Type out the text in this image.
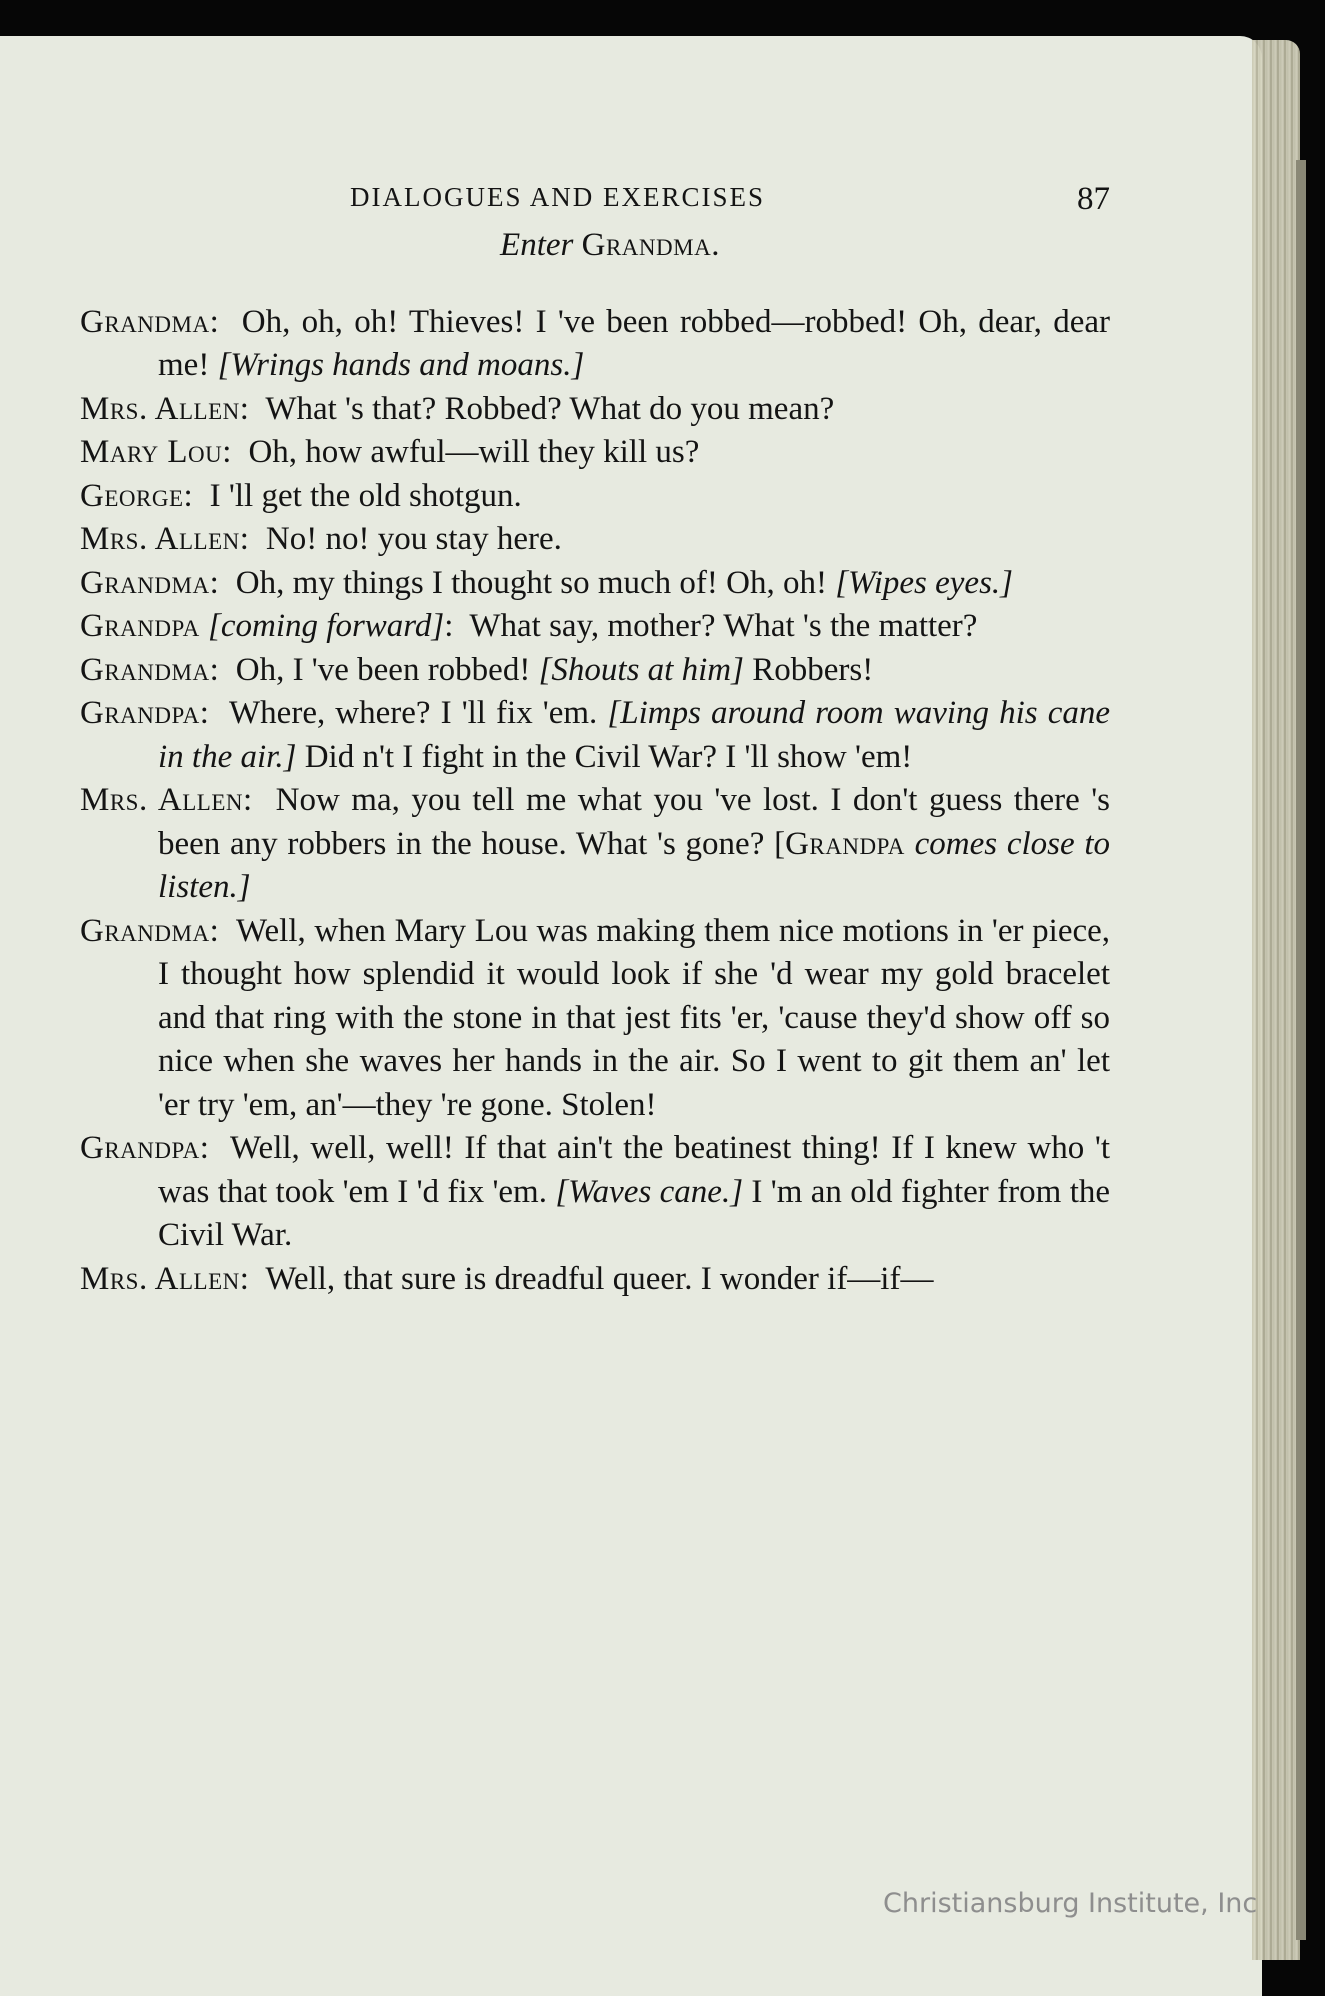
DIALOGUES AND EXERCISES	87

Enter Grandma.

Grandma: Oh, oh, oh! Thieves! I 've been robbed—robbed! Oh, dear, dear me! [Wrings hands and moans.]

Mrs. Allen: What 's that? Robbed? What do you mean?

Mary Lou: Oh, how awful—will they kill us?

George: I 'll get the old shotgun.

Mrs. Allen: No! no! you stay here.

Grandma: Oh, my things I thought so much of! Oh, oh! [Wipes eyes.]

Grandpa [coming forward]: What say, mother? What 's the matter?

Grandma: Oh, I 've been robbed! [Shouts at him] Robbers!

Grandpa: Where, where? I 'll fix 'em. [Limps around room waving his cane in the air.] Did n't I fight in the Civil War? I 'll show 'em!

Mrs. Allen: Now ma, you tell me what you 've lost. I don't guess there 's been any robbers in the house. What 's gone? [Grandpa comes close to listen.]

Grandma: Well, when Mary Lou was making them nice motions in 'er piece, I thought how splendid it would look if she 'd wear my gold bracelet and that ring with the stone in that jest fits 'er, 'cause they'd show off so nice when she waves her hands in the air. So I went to git them an' let 'er try 'em, an'—they 're gone. Stolen!

Grandpa: Well, well, well! If that ain't the beatinest thing! If I knew who 't was that took 'em I 'd fix 'em. [Waves cane.] I 'm an old fighter from the Civil War.

Mrs. Allen: Well, that sure is dreadful queer. I wonder if—if—

Christiansburg Institute, Inc
